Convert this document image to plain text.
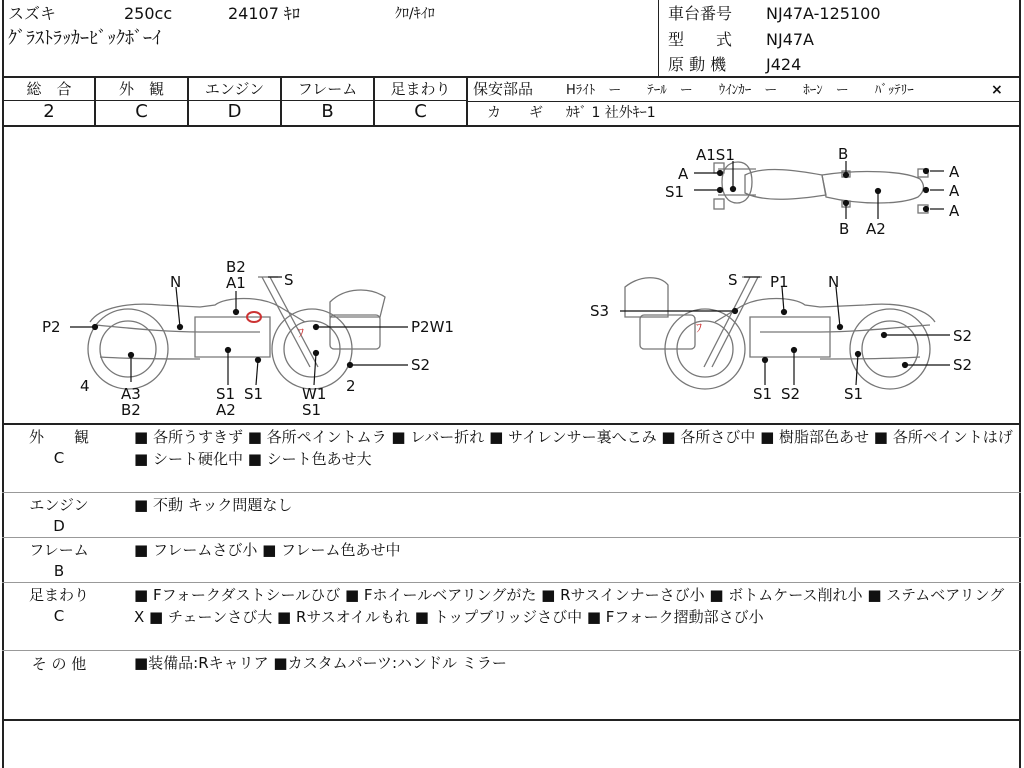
スズキ	250cc	24107 ｷﾛ	ｸﾛ/ｷｲﾛ
ｸﾞﾗｽﾄﾗｯｶｰﾋﾞｯｸﾎﾞｰｲ
車台番号 NJ47A-125100
型　　式 NJ47A
原 動 機 J424
総　合	外　観	エンジン	フレーム	足まわり
2	C	D	B	C
保安部品	Hﾗｲﾄ　ー　　ﾃｰﾙ　ー　　ｳｲﾝｶｰ　ー　　ﾎｰﾝ　ー　　ﾊﾞｯﾃﾘｰ	×
カ　　ギ ｶｷﾞ 1 社外ｷｰ1
ﾌ	ﾌ
A1S1	B
A
S1
A
A
A
B A2
B2
A1	S
N
P2	P2W1
S2
4 A3
B2
S1 S1
A2
W1
S1
2
S P1	N
S3
S2
S2
S1 S2	S1
外　　観
C
■ 各所うすきず ■ 各所ペイントムラ ■ レバー折れ ■ サイレンサー裏へこみ ■ 各所さび中 ■ 樹脂部色あせ ■ 各所ペイントはげ ■ シート硬化中 ■ シート色あせ大
エンジン
D
■ 不動 キック問題なし
フレーム
B
■ フレームさび小 ■ フレーム色あせ中
足まわり
C
■ Fフォークダストシールひび ■ Fホイールベアリングがた ■ Rサスインナーさび小 ■ ボトムケース削れ小 ■ ステムベアリングX ■ チェーンさび大 ■ Rサスオイルもれ ■ トップブリッジさび中 ■ Fフォーク摺動部さび小
そ の 他	■装備品:Rキャリア ■カスタムパーツ:ハンドル ミラー
